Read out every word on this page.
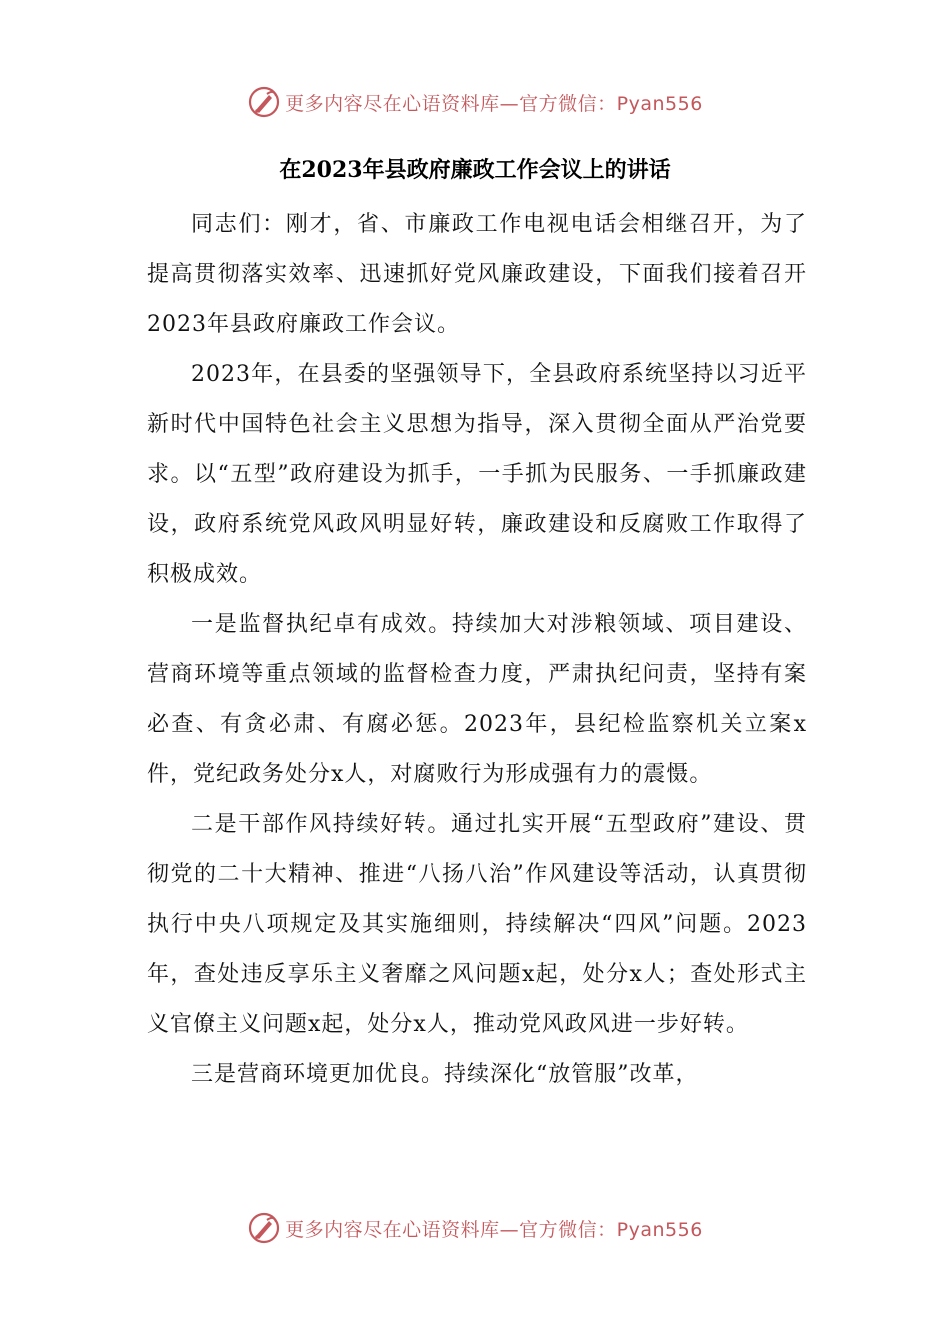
更多内容尽在心语资料库—官方微信：Pyan556
在2023年县政府廉政工作会议上的讲话

同志们：刚才，省、市廉政工作电视电话会相继召开，为了提高贯彻落实效率、迅速抓好党风廉政建设，下面我们接着召开2023年县政府廉政工作会议。

2023年，在县委的坚强领导下，全县政府系统坚持以习近平新时代中国特色社会主义思想为指导，深入贯彻全面从严治党要求。以“五型”政府建设为抓手，一手抓为民服务、一手抓廉政建设，政府系统党风政风明显好转，廉政建设和反腐败工作取得了积极成效。

一是监督执纪卓有成效。持续加大对涉粮领域、项目建设、营商环境等重点领域的监督检查力度，严肃执纪问责，坚持有案必查、有贪必肃、有腐必惩。2023年，县纪检监察机关立案x件，党纪政务处分x人，对腐败行为形成强有力的震慑。

二是干部作风持续好转。通过扎实开展“五型政府”建设、贯彻党的二十大精神、推进“八扬八治”作风建设等活动，认真贯彻执行中央八项规定及其实施细则，持续解决“四风”问题。2023年，查处违反享乐主义奢靡之风问题x起，处分x人；查处形式主义官僚主义问题x起，处分x人，推动党风政风进一步好转。

三是营商环境更加优良。持续深化“放管服”改革，

更多内容尽在心语资料库—官方微信：Pyan556
